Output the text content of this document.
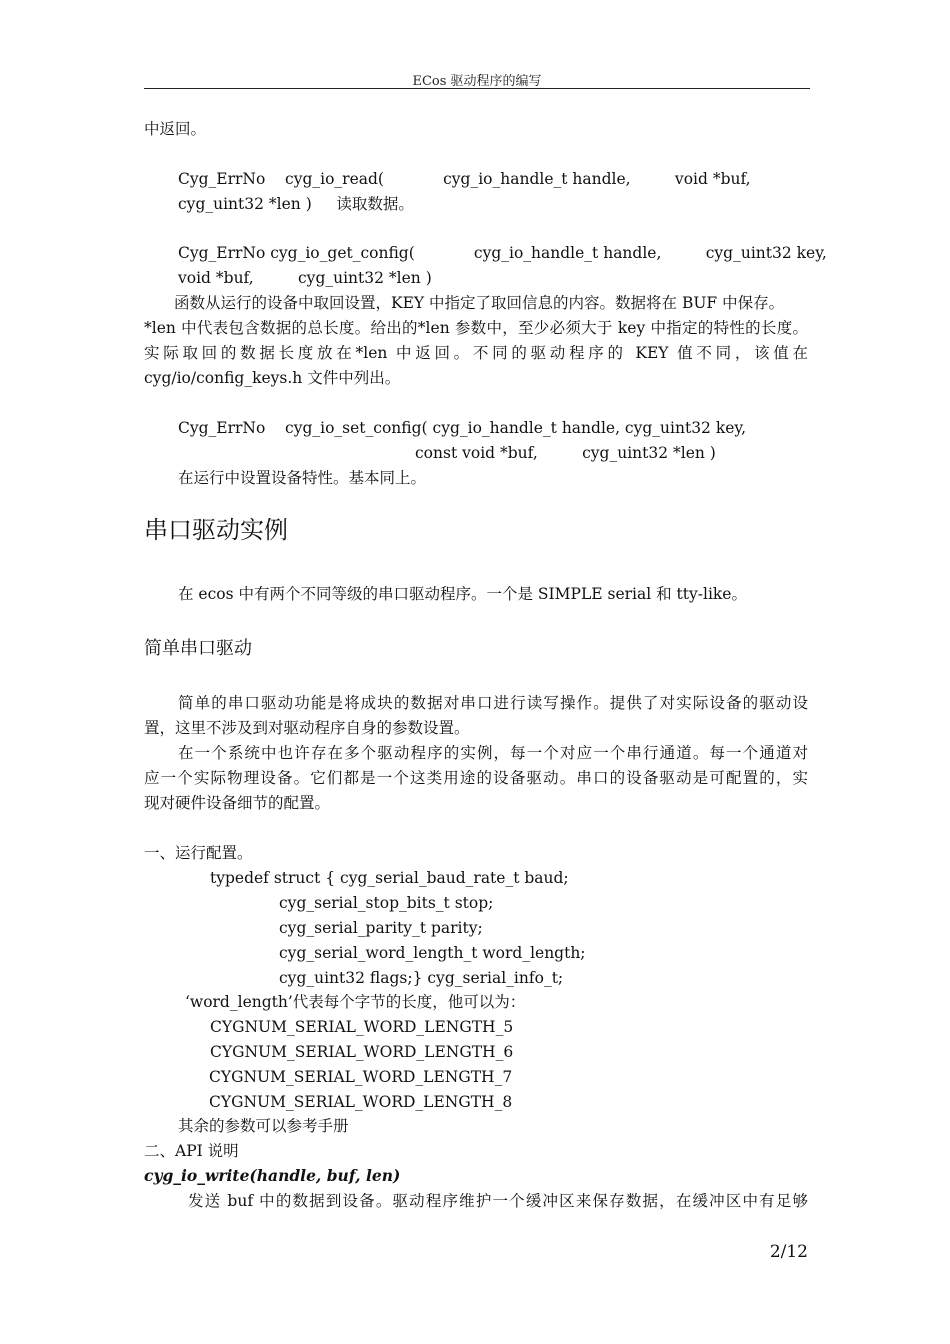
ECos 驱动程序的编写
中返回。
Cyg_ErrNo    cyg_io_read(            cyg_io_handle_t handle,         void *buf,
cyg_uint32 *len )     读取数据。
Cyg_ErrNo cyg_io_get_config(            cyg_io_handle_t handle,         cyg_uint32 key,
void *buf,         cyg_uint32 *len )
函数从运行的设备中取回设置，KEY 中指定了取回信息的内容。数据将在 BUF 中保存。
*len 中代表包含数据的总长度。给出的*len 参数中，至少必须大于 key 中指定的特性的长度。
实际取回的数据长度放在*len 中返回。不同的驱动程序的 KEY 值不同，该值在
cyg/io/config_keys.h 文件中列出。
Cyg_ErrNo    cyg_io_set_config( cyg_io_handle_t handle, cyg_uint32 key,
const void *buf,         cyg_uint32 *len )
在运行中设置设备特性。基本同上。
串口驱动实例
在 ecos 中有两个不同等级的串口驱动程序。一个是 SIMPLE serial 和 tty-like。
简单串口驱动
简单的串口驱动功能是将成块的数据对串口进行读写操作。提供了对实际设备的驱动设
置，这里不涉及到对驱动程序自身的参数设置。
在一个系统中也许存在多个驱动程序的实例，每一个对应一个串行通道。每一个通道对
应一个实际物理设备。它们都是一个这类用途的设备驱动。串口的设备驱动是可配置的，实
现对硬件设备细节的配置。
一、运行配置。
typedef struct { cyg_serial_baud_rate_t baud;
cyg_serial_stop_bits_t stop;
cyg_serial_parity_t parity;
cyg_serial_word_length_t word_length;
cyg_uint32 flags;} cyg_serial_info_t;
‘word_length’代表每个字节的长度，他可以为：
CYGNUM_SERIAL_WORD_LENGTH_5
CYGNUM_SERIAL_WORD_LENGTH_6
CYGNUM_SERIAL_WORD_LENGTH_7
CYGNUM_SERIAL_WORD_LENGTH_8
其余的参数可以参考手册
二、API 说明
cyg_io_write(handle, buf, len)
发送 buf 中的数据到设备。驱动程序维护一个缓冲区来保存数据，在缓冲区中有足够
2/12
